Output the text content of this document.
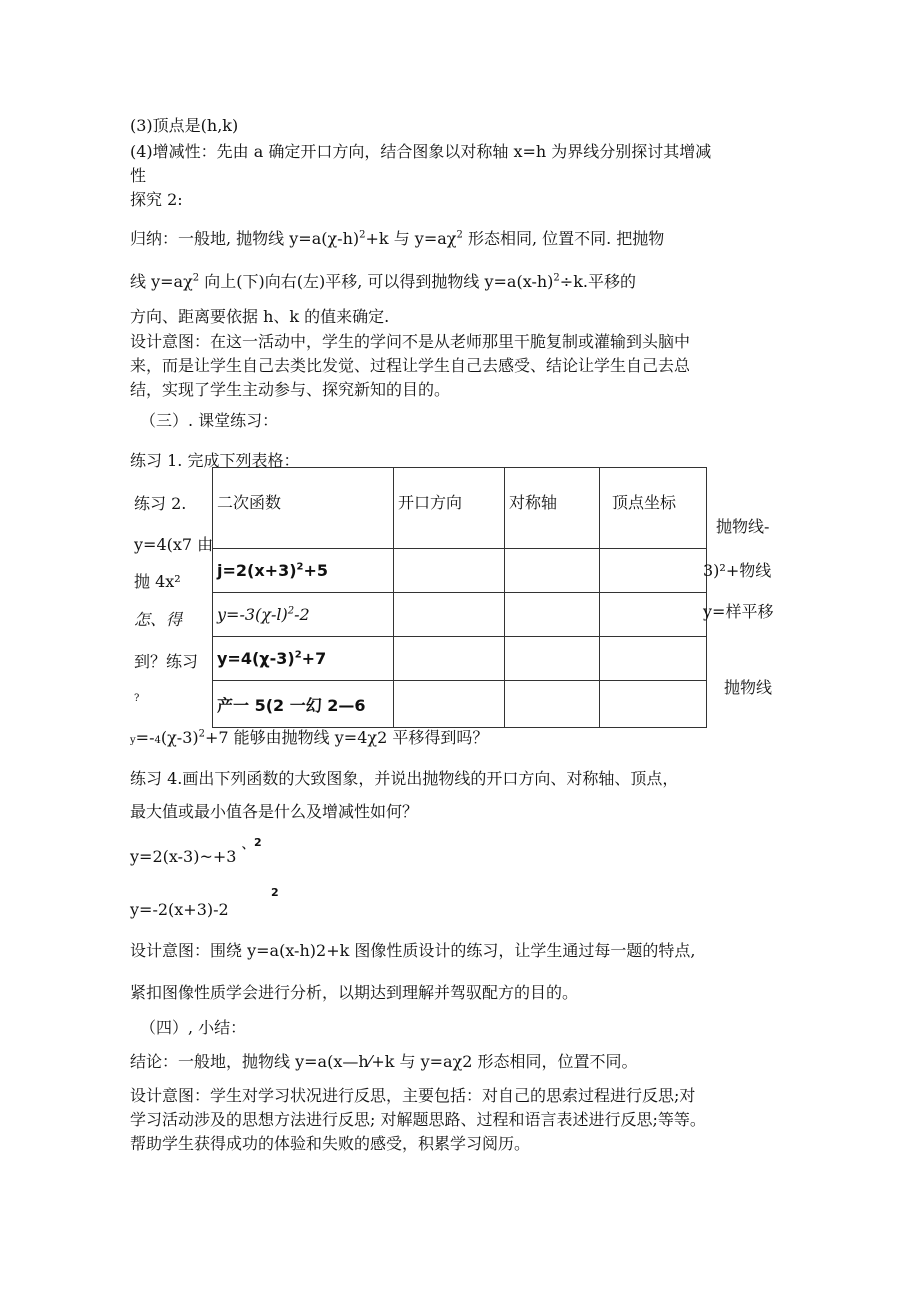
(3)顶点是(h,k)
(4)增减性：先由 a 确定开口方向，结合图象以对称轴 x=h 为界线分别探讨其增减
性
探究 2:
归纳：一般地, 抛物线 $y=a(\chi-h)^2+k$ 与 $y=a\chi^2$ 形态相同, 位置不同. 把抛物
线 $y=a\chi^2$ 向上(下)向右(左)平移, 可以得到抛物线 $y=a(x-h)^2\div k$.平移的
方向、距离要依据 h、k 的值来确定.
设计意图：在这一活动中，学生的学问不是从老师那里干脆复制或灌输到头脑中
来，而是让学生自己去类比发觉、过程让学生自己去感受、结论让学生自己去总
结，实现了学生主动参与、探究新知的目的。
（三）. 课堂练习：
练习 1. 完成下列表格：
练习 2.
y=4(x7 由
抛 4x²
怎、得
到？练习
?
二次函数	开口方向	对称轴	顶点坐标
$j=2(x+3)^2+5$			
$y=-3(\chi-l)^2-2$			
$y=4(\chi-3)^2+7$			
产一 5(2 一幻 2—6			
抛物线-
3)²+物线
y=样平移
抛物线
$y=-4(\chi-3)^2+7$ 能够由抛物线 y=4χ2 平移得到吗？
练习 4.画出下列函数的大致图象，并说出抛物线的开口方向、对称轴、顶点，
最大值或最小值各是什么及增减性如何？
y=2(x-3)~+3
、 2
y=-2(x+3)-2
2
设计意图：围绕 y=a(x-h)2+k 图像性质设计的练习，让学生通过每一题的特点,
紧扣图像性质学会进行分析，以期达到理解并驾驭配方的目的。
（四）, 小结：
结论：一般地，抛物线 y=a(x—h⁄+k 与 y=aχ2 形态相同，位置不同。
设计意图：学生对学习状况进行反思，主要包括：对自己的思索过程进行反思;对
学习活动涉及的思想方法进行反思; 对解题思路、过程和语言表述进行反思;等等。
帮助学生获得成功的体验和失败的感受，积累学习阅历。
